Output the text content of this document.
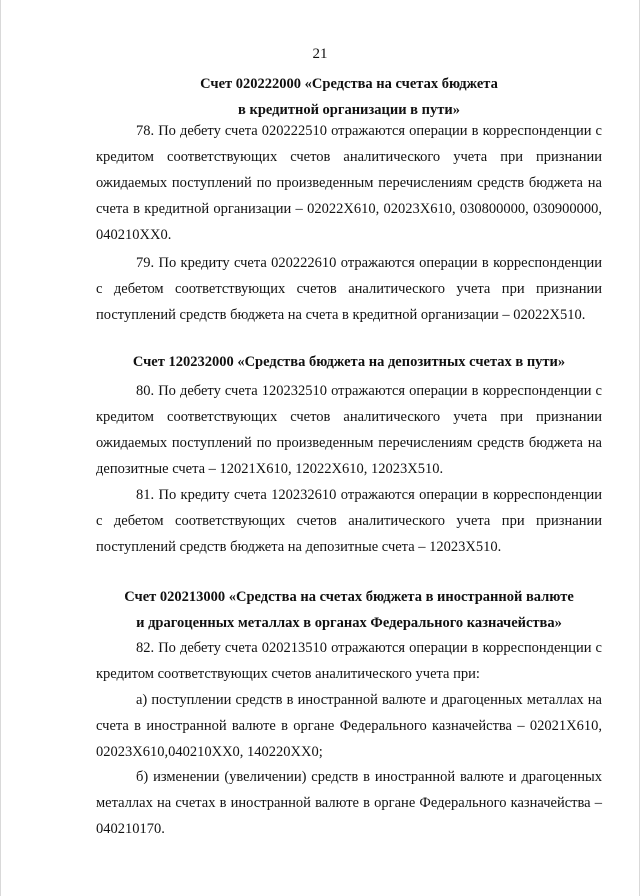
21
Счет 020222000 «Средства на счетах бюджета
в кредитной организации в пути»

78. По дебету счета 020222510 отражаются операции в корреспонденции с кредитом соответствующих счетов аналитического учета при признании ожидаемых поступлений по произведенным перечислениям средств бюджета на счета в кредитной организации – 02022Х610, 02023Х610, 030800000, 030900000, 040210ХХ0.

79. По кредиту счета 020222610 отражаются операции в корреспонденции с дебетом соответствующих счетов аналитического учета при признании поступлений средств бюджета на счета в кредитной организации – 02022Х510.

Счет 120232000 «Средства бюджета на депозитных счетах в пути»

80. По дебету счета 120232510 отражаются операции в корреспонденции с кредитом соответствующих счетов аналитического учета при признании ожидаемых поступлений по произведенным перечислениям средств бюджета на депозитные счета – 12021Х610, 12022Х610, 12023Х510.

81. По кредиту счета 120232610 отражаются операции в корреспонденции с дебетом соответствующих счетов аналитического учета при признании поступлений средств бюджета на депозитные счета – 12023Х510.

Счет 020213000 «Средства на счетах бюджета в иностранной валюте
и драгоценных металлах в органах Федерального казначейства»

82. По дебету счета 020213510 отражаются операции в корреспонденции с кредитом соответствующих счетов аналитического учета при:

а) поступлении средств в иностранной валюте и драгоценных металлах на счета в иностранной валюте в органе Федерального казначейства – 02021Х610, 02023Х610,040210ХХ0, 140220ХХ0;

б) изменении (увеличении) средств в иностранной валюте и драгоценных металлах на счетах в иностранной валюте в органе Федерального казначейства – 040210170.
